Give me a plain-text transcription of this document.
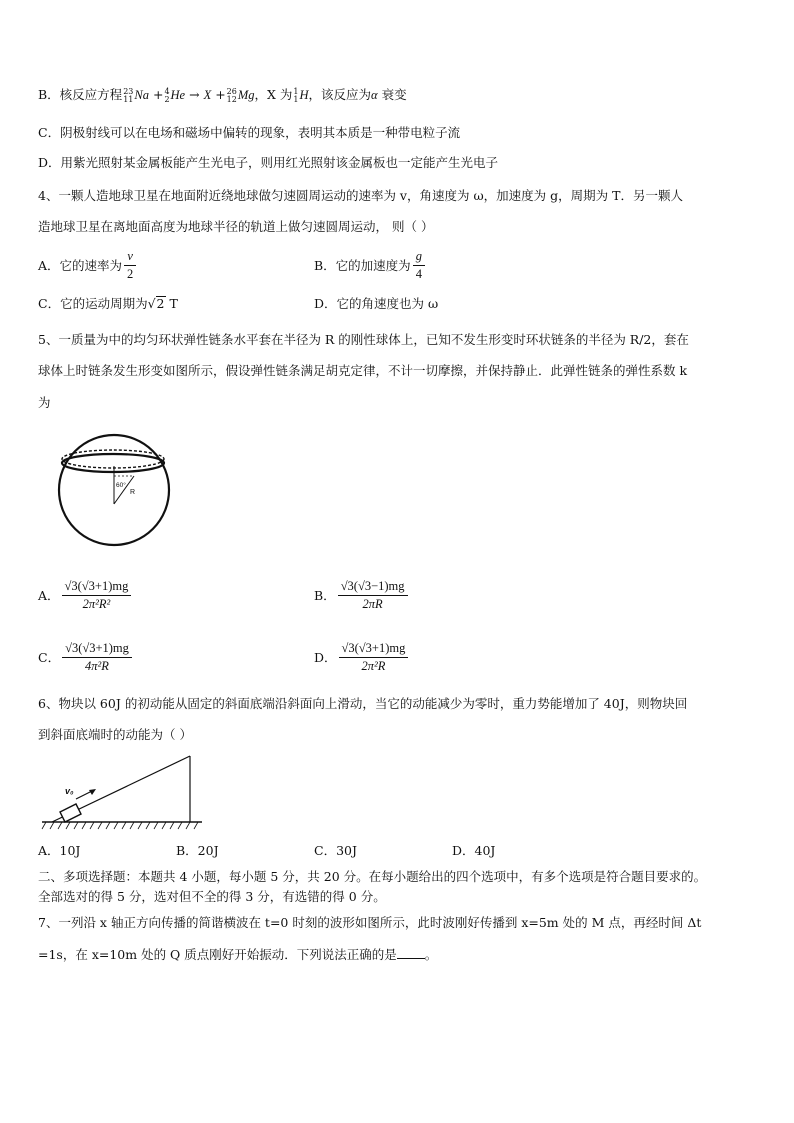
B．核反应方程23
11Na +4
2He → X +26
12Mg，X 为1
1H，该反应为α 衰变
C．阴极射线可以在电场和磁场中偏转的现象，表明其本质是一种带电粒子流
D．用紫光照射某金属板能产生光电子，则用红光照射该金属板也一定能产生光电子
4、一颗人造地球卫星在地面附近绕地球做匀速圆周运动的速率为 v，角速度为 ω，加速度为 g，周期为 T．另一颗人
造地球卫星在离地面高度为地球半径的轨道上做匀速圆周运动， 则（ ）
A．它的速率为 $\frac{v}{2}$	B．它的加速度为 $\frac{g}{4}$
C．它的运动周期为√2 T	D．它的角速度也为 ω
5、一质量为中的均匀环状弹性链条水平套在半径为 R 的刚性球体上，已知不发生形变时环状链条的半径为 R/2，套在
球体上时链条发生形变如图所示，假设弹性链条满足胡克定律，不计一切摩擦，并保持静止．此弹性链条的弹性系数 k
为
60°
R
A． $\frac{√3(√3+1)mg}{\text{2π²R²}}$	B． $\frac{√3(√3-1)mg}{2\pi R}$
C． $\frac{√3(√3+1)mg}{\text{4π²R}}$	D． $\frac{√3(√3+1)mg}{\text{2π²R}}$
6、物块以 60J 的初动能从固定的斜面底端沿斜面向上滑动，当它的动能减少为零时，重力势能增加了 40J，则物块回
到斜面底端时的动能为（ ）
v₀
A．10J	B．20J	C．30J	D．40J
二、多项选择题：本题共 4 小题，每小题 5 分，共 20 分。在每小题给出的四个选项中，有多个选项是符合题目要求的。
全部选对的得 5 分，选对但不全的得 3 分，有选错的得 0 分。
7、一列沿 x 轴正方向传播的简谐横波在 t=0 时刻的波形如图所示，此时波刚好传播到 x=5m 处的 M 点，再经时间 Δt
=1s，在 x=10m 处的 Q 质点刚好开始振动．下列说法正确的是 。
